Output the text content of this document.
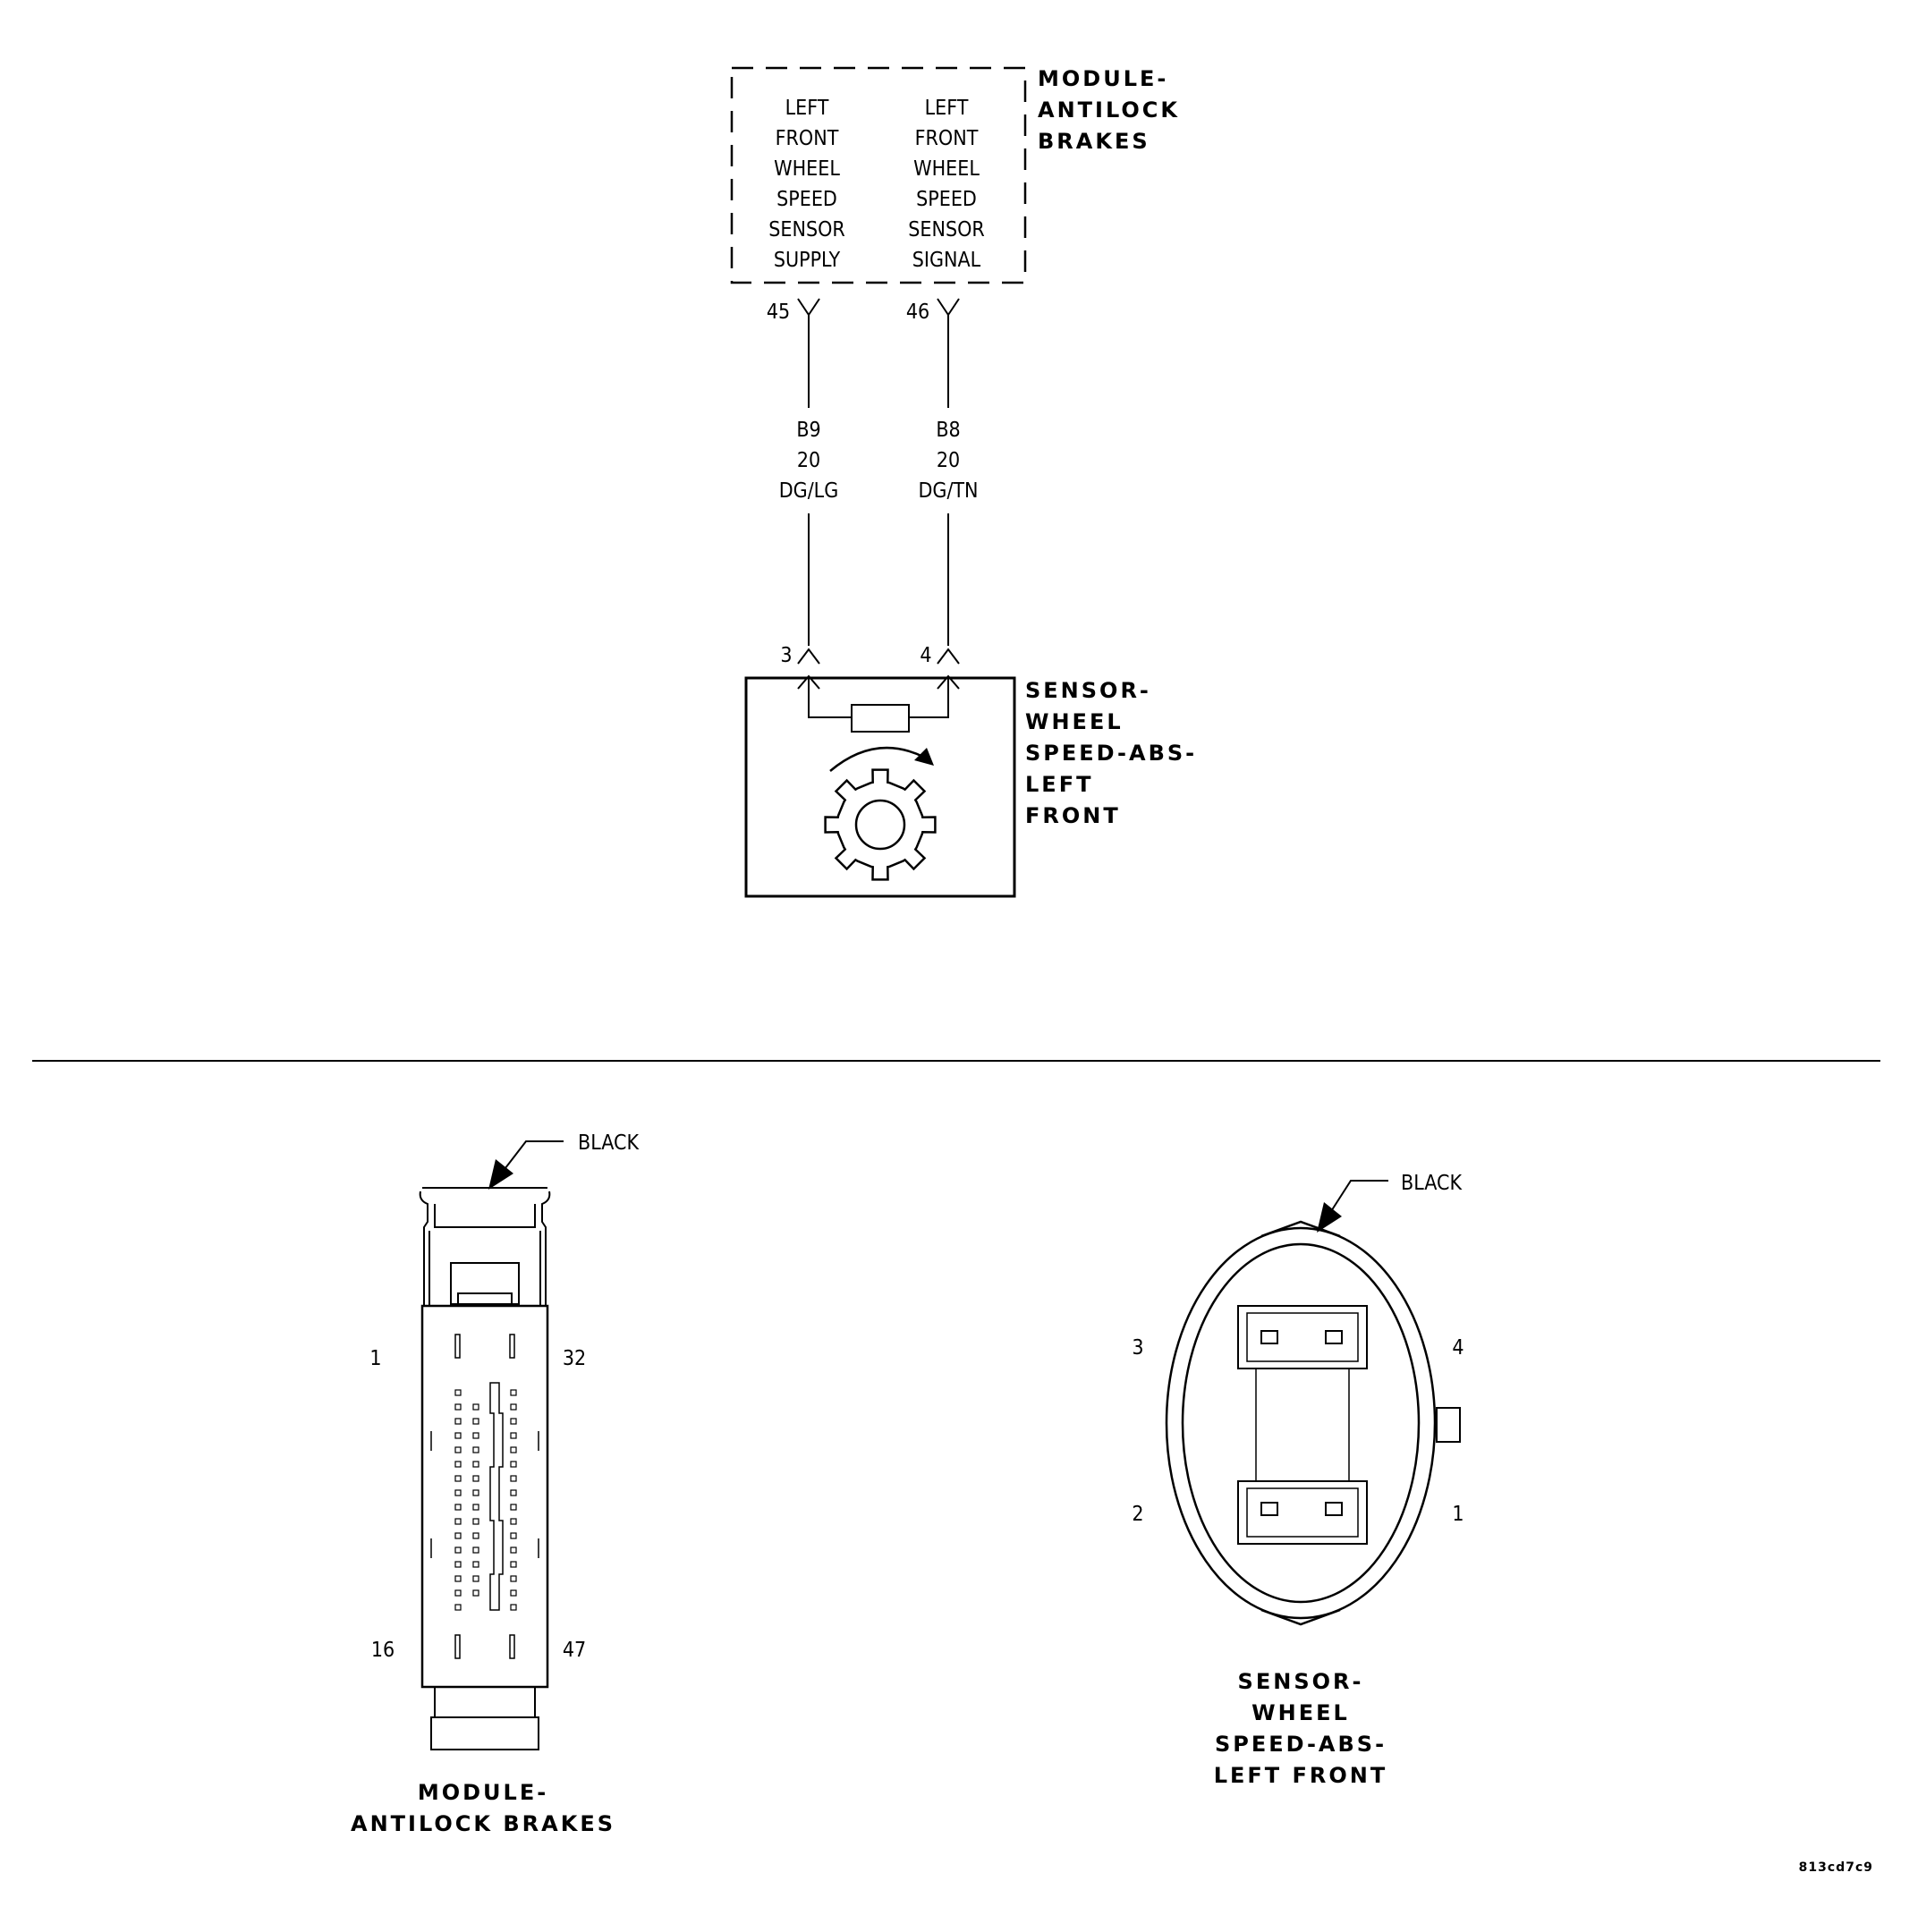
LEFT
FRONT
WHEEL
SPEED
SENSOR
SUPPLY
LEFT
FRONT
WHEEL
SPEED
SENSOR
SIGNAL
MODULE-
ANTILOCK
BRAKES
45
B9
20
DG/LG
3
46
B8
20
DG/TN
4
SENSOR-
WHEEL
SPEED-ABS-
LEFT
FRONT
BLACK
1	32
16	47
MODULE-
ANTILOCK BRAKES
BLACK
3	4
2	1
SENSOR-
WHEEL
SPEED-ABS-
LEFT FRONT
813cd7c9
